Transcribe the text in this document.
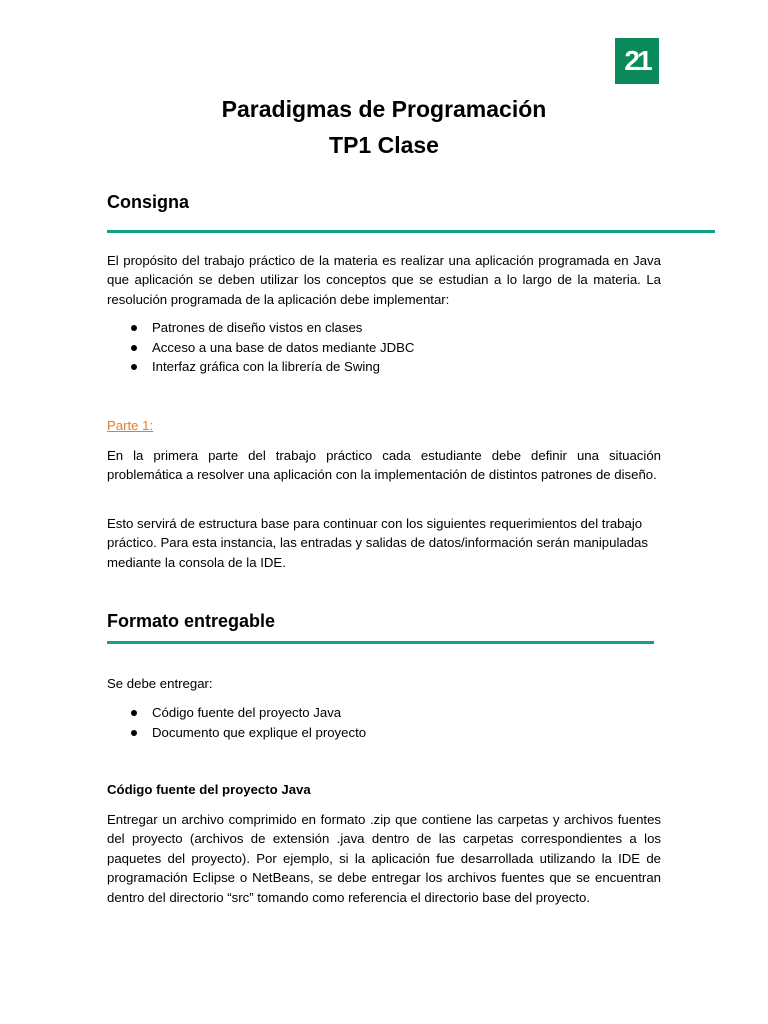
21
Paradigmas de Programación
TP1 Clase
Consigna

El propósito del trabajo práctico de la materia es realizar una aplicación programada en Java que aplicación se deben utilizar los conceptos que se estudian a lo largo de la materia. La resolución programada de la aplicación debe implementar:

Patrones de diseño vistos en clases
Acceso a una base de datos mediante JDBC
Interfaz gráfica con la librería de Swing
Parte 1:

En la primera parte del trabajo práctico cada estudiante debe definir una situación problemática a resolver una aplicación con la implementación de distintos patrones de diseño.

Esto servirá de estructura base para continuar con los siguientes requerimientos del trabajo práctico. Para esta instancia, las entradas y salidas de datos/información serán manipuladas mediante la consola de la IDE.

Formato entregable

Se debe entregar:

Código fuente del proyecto Java
Documento que explique el proyecto
Código fuente del proyecto Java

Entregar un archivo comprimido en formato .zip que contiene las carpetas y archivos fuentes del proyecto (archivos de extensión .java dentro de las carpetas correspondientes a los paquetes del proyecto). Por ejemplo, si la aplicación fue desarrollada utilizando la IDE de programación Eclipse o NetBeans, se debe entregar los archivos fuentes que se encuentran dentro del directorio “src” tomando como referencia el directorio base del proyecto.
